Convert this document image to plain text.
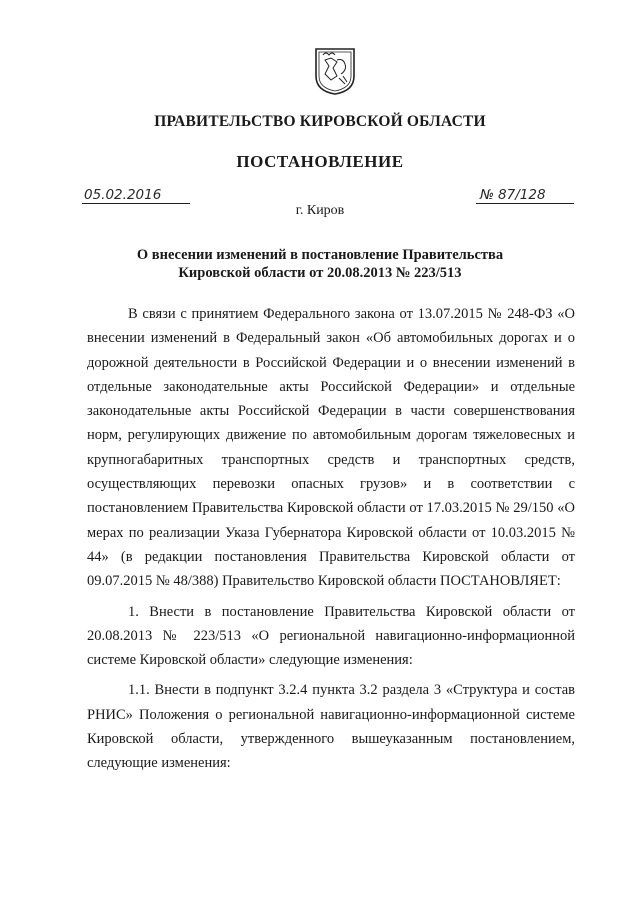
ПРАВИТЕЛЬСТВО КИРОВСКОЙ ОБЛАСТИ
ПОСТАНОВЛЕНИЕ
05.02.2016	№ 87/128
г. Киров
О внесении изменений в постановление Правительства
Кировской области от 20.08.2013 № 223/513

В связи с принятием Федерального закона от 13.07.2015 № 248-ФЗ «О внесении изменений в Федеральный закон «Об автомобильных дорогах и о дорожной деятельности в Российской Федерации и о внесении изменений в отдельные законодательные акты Российской Федерации» и отдельные законодательные акты Российской Федерации в части совершенствования норм, регулирующих движение по автомобильным дорогам тяжеловесных и крупногабаритных транспортных средств и транспортных средств, осуществляющих перевозки опасных грузов» и в соответствии с постановлением Правительства Кировской области от 17.03.2015 № 29/150 «О мерах по реализации Указа Губернатора Кировской области от 10.03.2015 № 44» (в редакции постановления Правительства Кировской области от 09.07.2015 № 48/388) Правительство Кировской области ПОСТАНОВЛЯЕТ:

1. Внести в постановление Правительства Кировской области от 20.08.2013 № 223/513 «О региональной навигационно-информационной системе Кировской области» следующие изменения:

1.1. Внести в подпункт 3.2.4 пункта 3.2 раздела 3 «Структура и состав РНИС» Положения о региональной навигационно-информационной системе Кировской области, утвержденного вышеуказанным постановлением, следующие изменения:
